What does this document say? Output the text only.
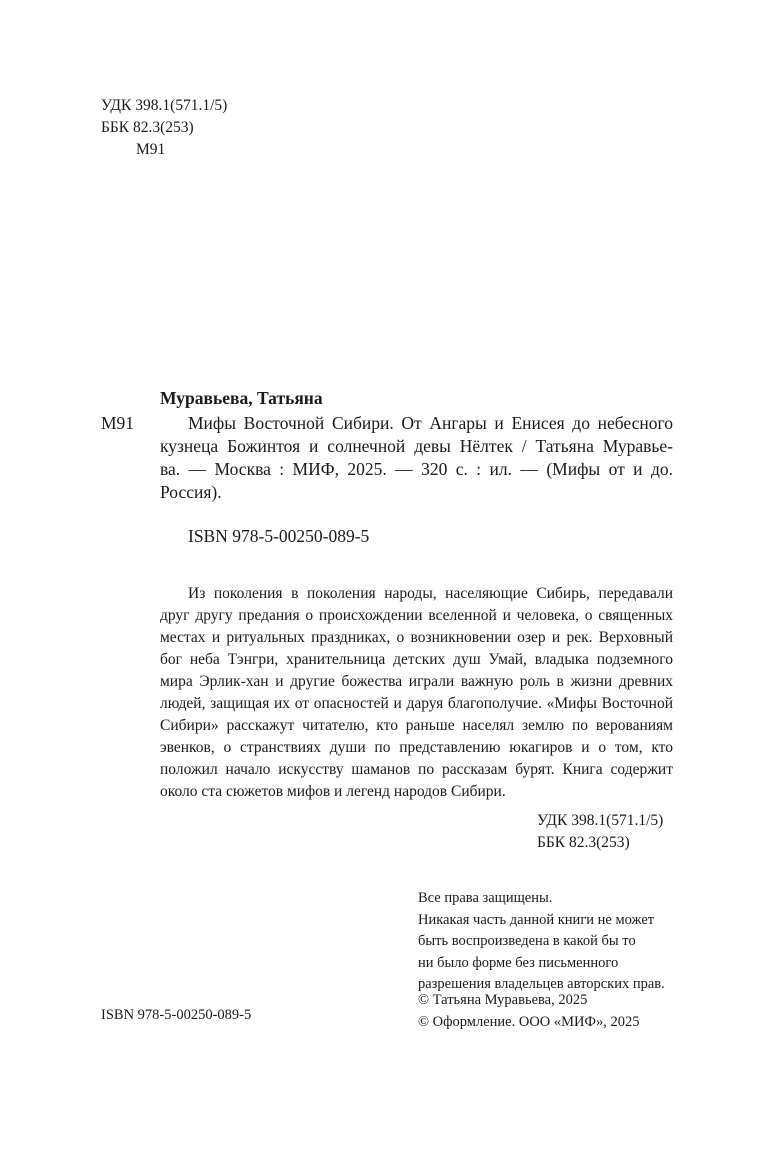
УДК 398.1(571.1/5)
ББК 82.3(253)
М91
Муравьева, Татьяна
М91	Мифы Восточной Сибири. От Ангары и Енисея до небесного
кузнеца Божинтоя и солнечной девы Нёлтек / Татьяна Муравье-
ва. — Москва : МИФ, 2025. — 320 с. : ил. — (Мифы от и до.
Россия).
ISBN 978-5-00250-089-5
Из поколения в поколения народы, населяющие Сибирь, передавали
друг другу предания о происхождении вселенной и человека, о священных
местах и ритуальных праздниках, о возникновении озер и рек. Верховный
бог неба Тэнгри, хранительница детских душ Умай, владыка подземного
мира Эрлик-хан и другие божества играли важную роль в жизни древних
людей, защищая их от опасностей и даруя благополучие. «Мифы Восточной
Сибири» расскажут читателю, кто раньше населял землю по верованиям
эвенков, о странствиях души по представлению юкагиров и о том, кто
положил начало искусству шаманов по рассказам бурят. Книга содержит
около ста сюжетов мифов и легенд народов Сибири.
УДК 398.1(571.1/5)
ББК 82.3(253)
Все права защищены.
Никакая часть данной книги не может
быть воспроизведена в какой бы то
ни было форме без письменного
разрешения владельцев авторских прав.
ISBN 978-5-00250-089-5
© Татьяна Муравьева, 2025
© Оформление. ООО «МИФ», 2025
